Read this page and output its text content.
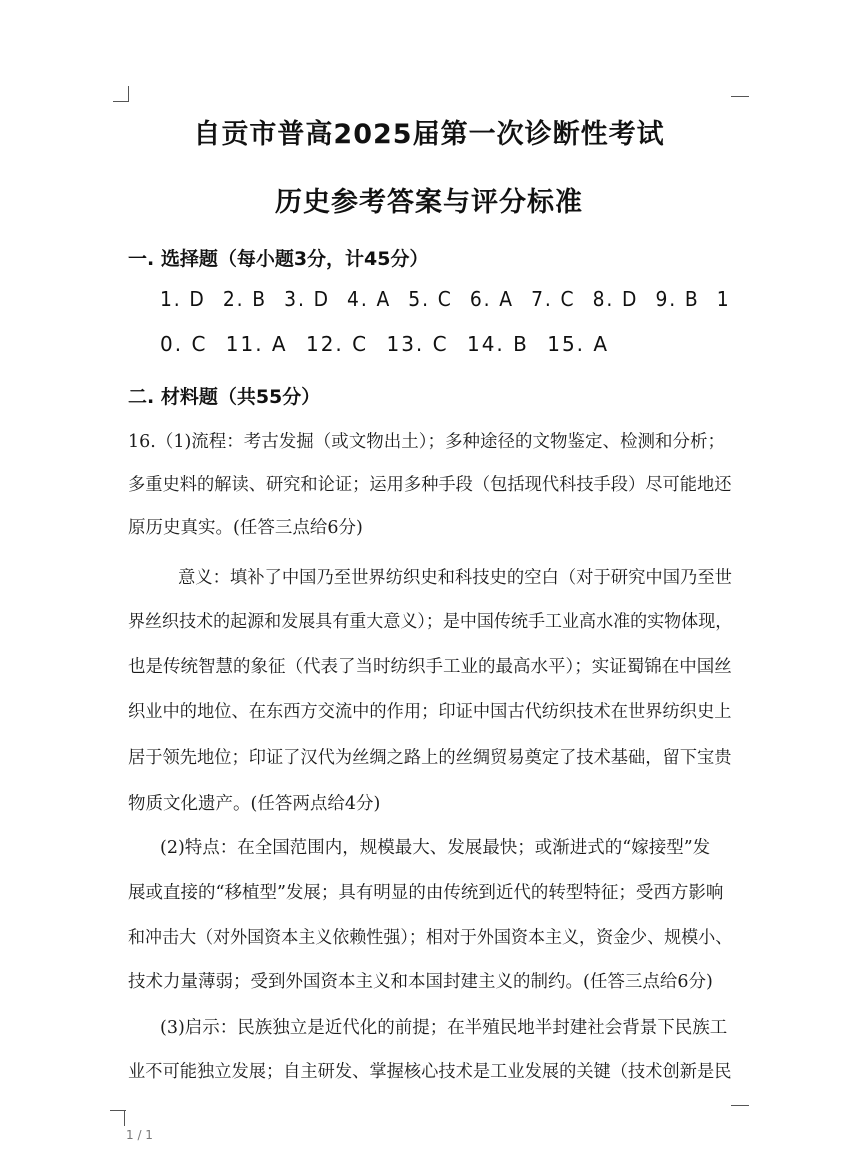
自贡市普高2025届第一次诊断性考试
历史参考答案与评分标准
一. 选择题（每小题3分，计45分）
1. D 2. B 3. D 4. A 5. C 6. A 7. C 8. D 9. B 1
0. C 11. A 12. C 13. C 14. B 15. A
二. 材料题（共55分）
16.（1)流程：考古发掘（或文物出土）；多种途径的文物鉴定、检测和分析；
多重史料的解读、研究和论证；运用多种手段（包括现代科技手段）尽可能地还
原历史真实。(任答三点给6分)
意义：填补了中国乃至世界纺织史和科技史的空白（对于研究中国乃至世
界丝织技术的起源和发展具有重大意义）；是中国传统手工业高水准的实物体现，
也是传统智慧的象征（代表了当时纺织手工业的最高水平）；实证蜀锦在中国丝
织业中的地位、在东西方交流中的作用；印证中国古代纺织技术在世界纺织史上
居于领先地位；印证了汉代为丝绸之路上的丝绸贸易奠定了技术基础，留下宝贵
物质文化遗产。(任答两点给4分)
(2)特点：在全国范围内，规模最大、发展最快；或渐进式的“嫁接型”发
展或直接的“移植型”发展；具有明显的由传统到近代的转型特征；受西方影响
和冲击大（对外国资本主义依赖性强）；相对于外国资本主义，资金少、规模小、
技术力量薄弱；受到外国资本主义和本国封建主义的制约。(任答三点给6分)
(3)启示：民族独立是近代化的前提；在半殖民地半封建社会背景下民族工
业不可能独立发展；自主研发、掌握核心技术是工业发展的关键（技术创新是民
1 / 1
